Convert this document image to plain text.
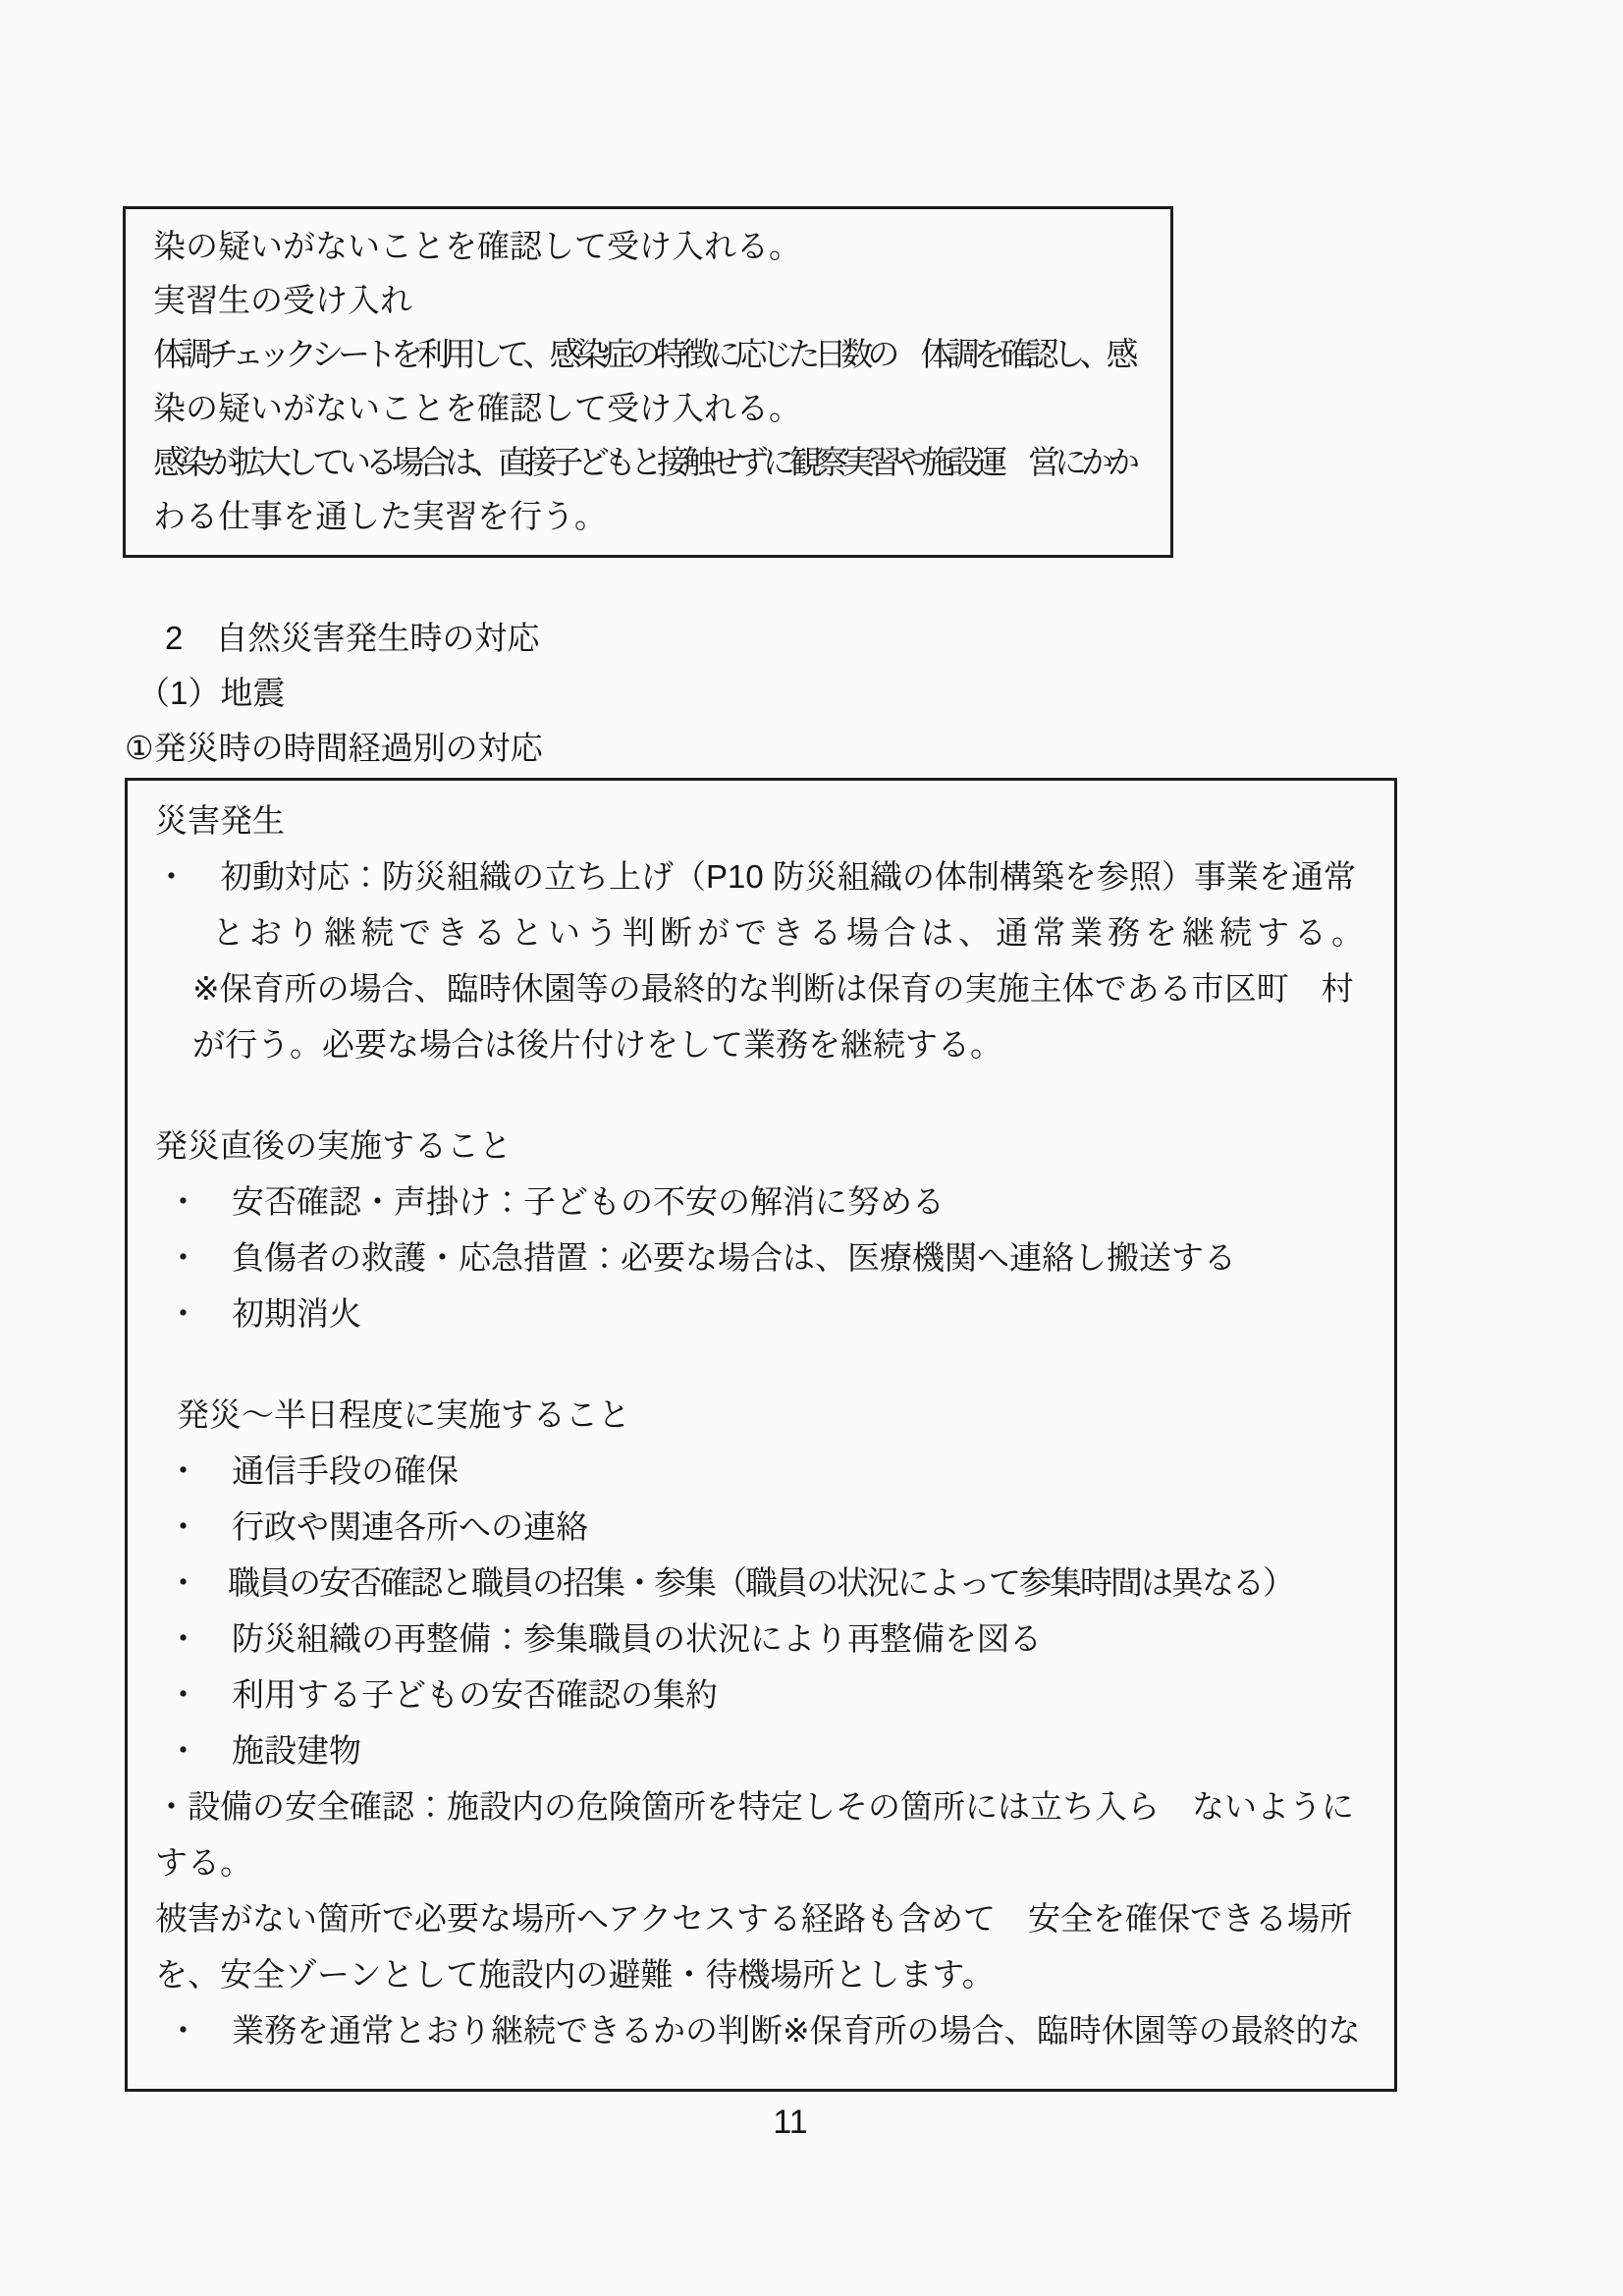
染の疑いがないことを確認して受け入れる。
実習生の受け入れ
体調チェックシートを利用して、感染症の特徴に応じた日数の　体調を確認し、感
染の疑いがないことを確認して受け入れる。
感染が拡大している場合は、直接子どもと接触せずに観察実習や施設運　営にかか
わる仕事を通した実習を行う。
2　自然災害発生時の対応
（1）地震
①発災時の時間経過別の対応
災害発生
・　初動対応：防災組織の立ち上げ（P10 防災組織の体制構築を参照）事業を通常
とおり継続できるという判断ができる場合は、通常業務を継続する。
※保育所の場合、臨時休園等の最終的な判断は保育の実施主体である市区町　村
が行う。必要な場合は後片付けをして業務を継続する。
発災直後の実施すること
・　安否確認・声掛け：子どもの不安の解消に努める
・　負傷者の救護・応急措置：必要な場合は、医療機関へ連絡し搬送する
・　初期消火
発災～半日程度に実施すること
・　通信手段の確保
・　行政や関連各所への連絡
・　職員の安否確認と職員の招集・参集（職員の状況によって参集時間は異なる）
・　防災組織の再整備：参集職員の状況により再整備を図る
・　利用する子どもの安否確認の集約
・　施設建物
・設備の安全確認：施設内の危険箇所を特定しその箇所には立ち入ら　ないように
する。
被害がない箇所で必要な場所へアクセスする経路も含めて　安全を確保できる場所
を、安全ゾーンとして施設内の避難・待機場所とします。
・　業務を通常とおり継続できるかの判断※保育所の場合、臨時休園等の最終的な
11
